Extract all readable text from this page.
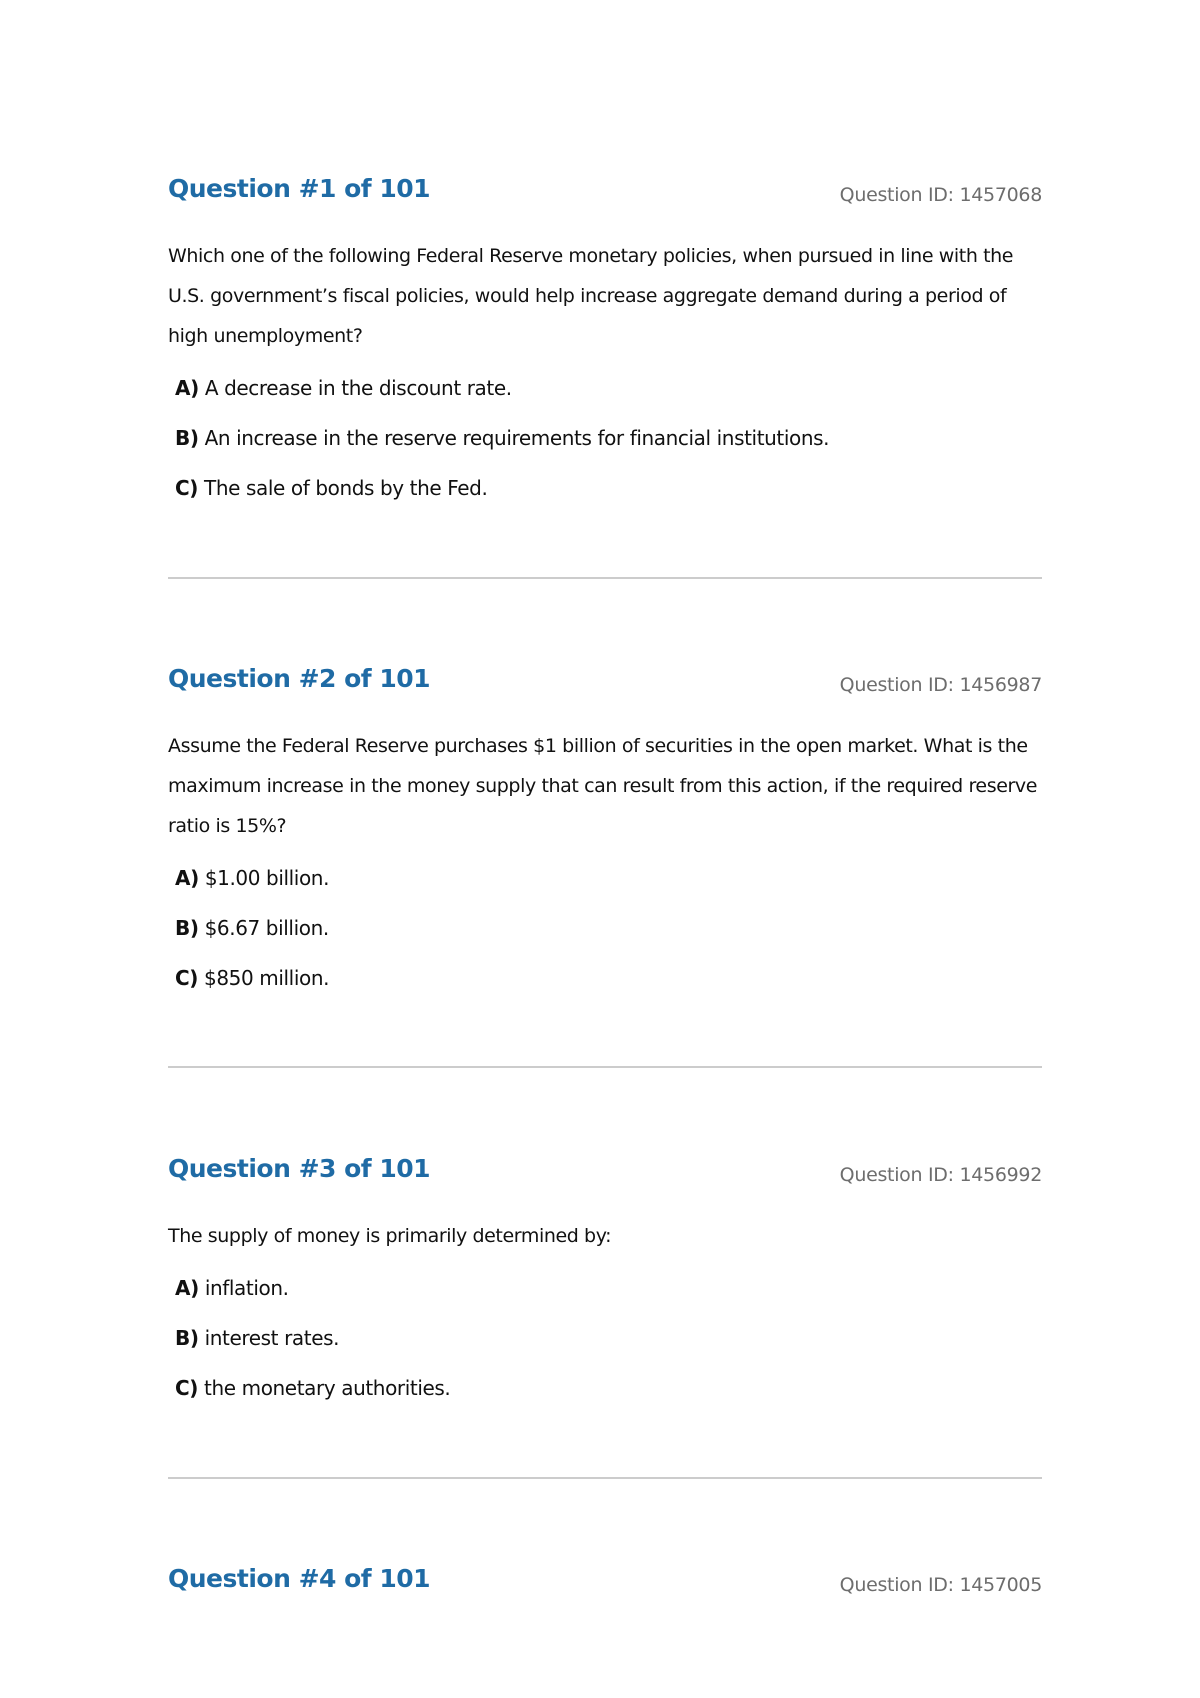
Question #1 of 101	Question ID: 1457068

Which one of the following Federal Reserve monetary policies, when pursued in line with the U.S. government’s fiscal policies, would help increase aggregate demand during a period of high unemployment?

A) A decrease in the discount rate.
B) An increase in the reserve requirements for financial institutions.
C) The sale of bonds by the Fed.
Question #2 of 101	Question ID: 1456987

Assume the Federal Reserve purchases $1 billion of securities in the open market. What is the maximum increase in the money supply that can result from this action, if the required reserve ratio is 15%?

A) $1.00 billion.
B) $6.67 billion.
C) $850 million.
Question #3 of 101	Question ID: 1456992

The supply of money is primarily determined by:

A) inflation.
B) interest rates.
C) the monetary authorities.
Question #4 of 101	Question ID: 1457005
